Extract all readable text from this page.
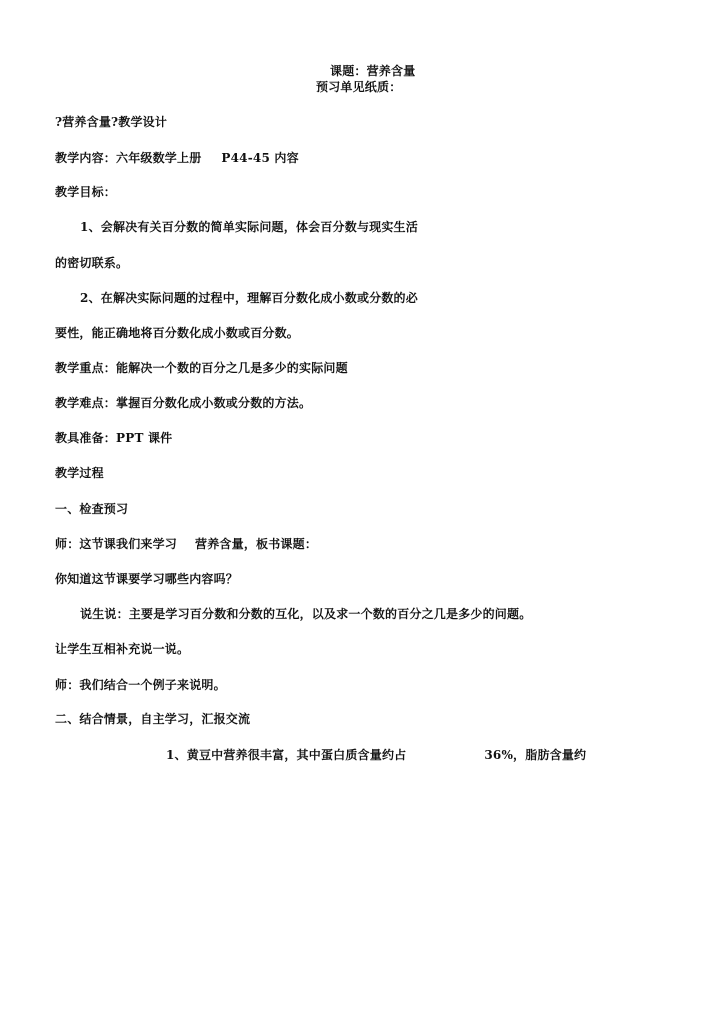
课题：营养含量
预习单见纸质：
?营养含量?教学设计
教学内容：六年级数学上册 P44-45 内容
教学目标：
1、会解决有关百分数的简单实际问题，体会百分数与现实生活
的密切联系。
2、在解决实际问题的过程中，理解百分数化成小数或分数的必
要性，能正确地将百分数化成小数或百分数。
教学重点：能解决一个数的百分之几是多少的实际问题
教学难点：掌握百分数化成小数或分数的方法。
教具准备：PPT 课件
教学过程
一、检查预习
师：这节课我们来学习 营养含量，板书课题：
你知道这节课要学习哪些内容吗？
说生说：主要是学习百分数和分数的互化，以及求一个数的百分之几是多少的问题。
让学生互相补充说一说。
师：我们结合一个例子来说明。
二、结合情景，自主学习，汇报交流
1、黄豆中营养很丰富，其中蛋白质含量约占	36%，脂肪含量约
